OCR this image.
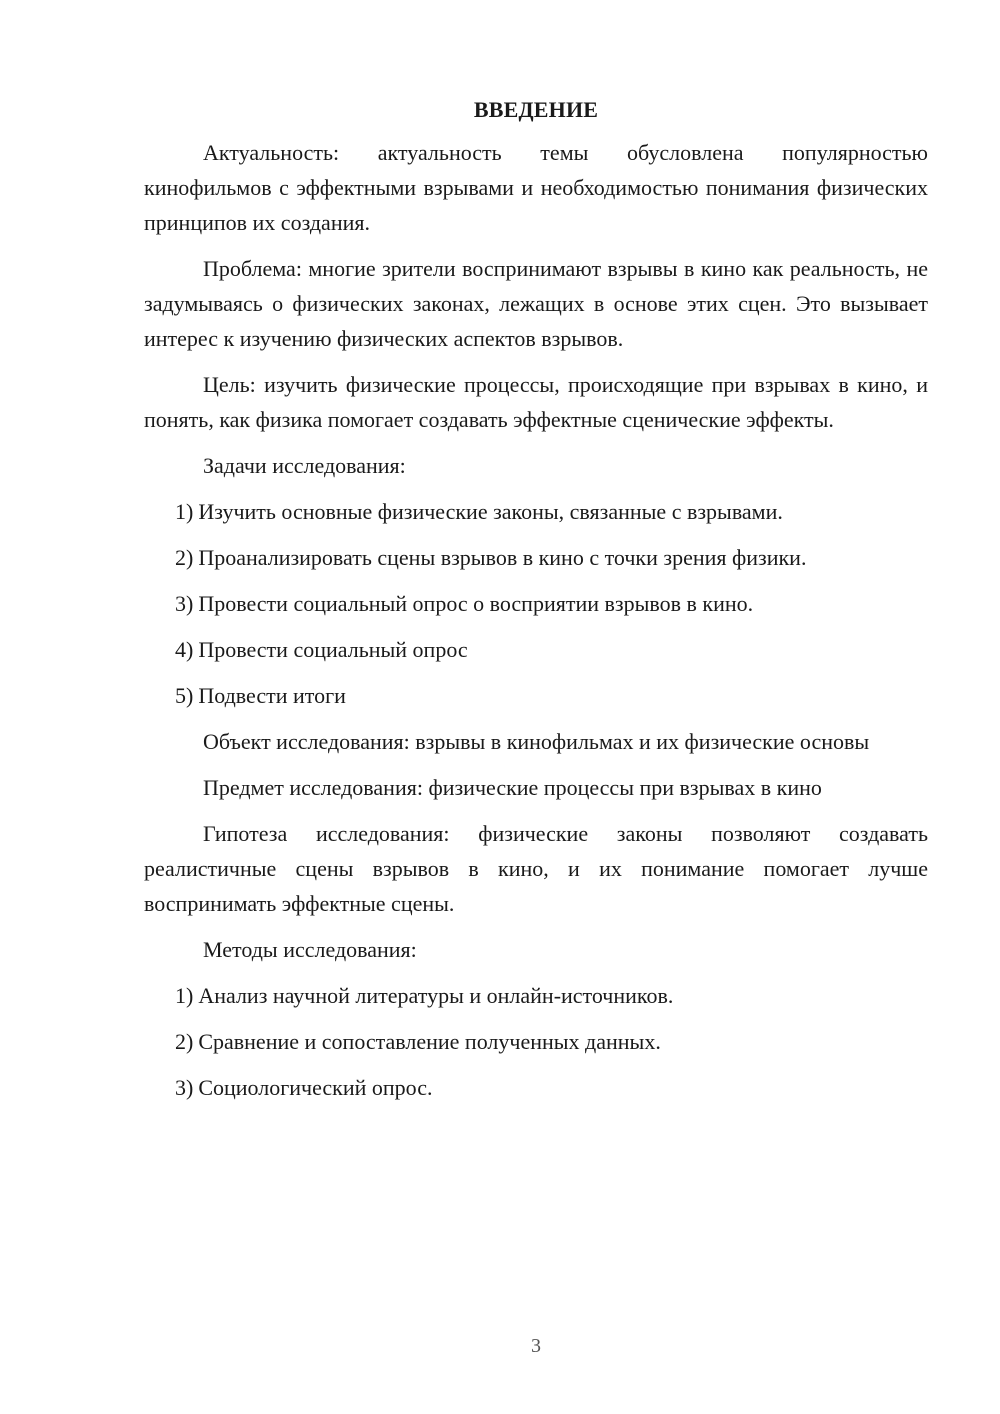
ВВЕДЕНИЕ

Актуальность: актуальность темы обусловлена популярностью кинофильмов с эффектными взрывами и необходимостью понимания физических принципов их создания.

Проблема: многие зрители воспринимают взрывы в кино как реальность, не задумываясь о физических законах, лежащих в основе этих сцен. Это вызывает интерес к изучению физических аспектов взрывов.

Цель: изучить физические процессы, происходящие при взрывах в кино, и понять, как физика помогает создавать эффектные сценические эффекты.

Задачи исследования:

1) Изучить основные физические законы, связанные с взрывами.
2) Проанализировать сцены взрывов в кино с точки зрения физики.
3) Провести социальный опрос о восприятии взрывов в кино.
4) Провести социальный опрос
5) Подвести итоги

Объект исследования: взрывы в кинофильмах и их физические основы

Предмет исследования: физические процессы при взрывах в кино

Гипотеза исследования: физические законы позволяют создавать реалистичные сцены взрывов в кино, и их понимание помогает лучше воспринимать эффектные сцены.

Методы исследования:

1) Анализ научной литературы и онлайн-источников.
2) Сравнение и сопоставление полученных данных.
3) Социологический опрос.
3
